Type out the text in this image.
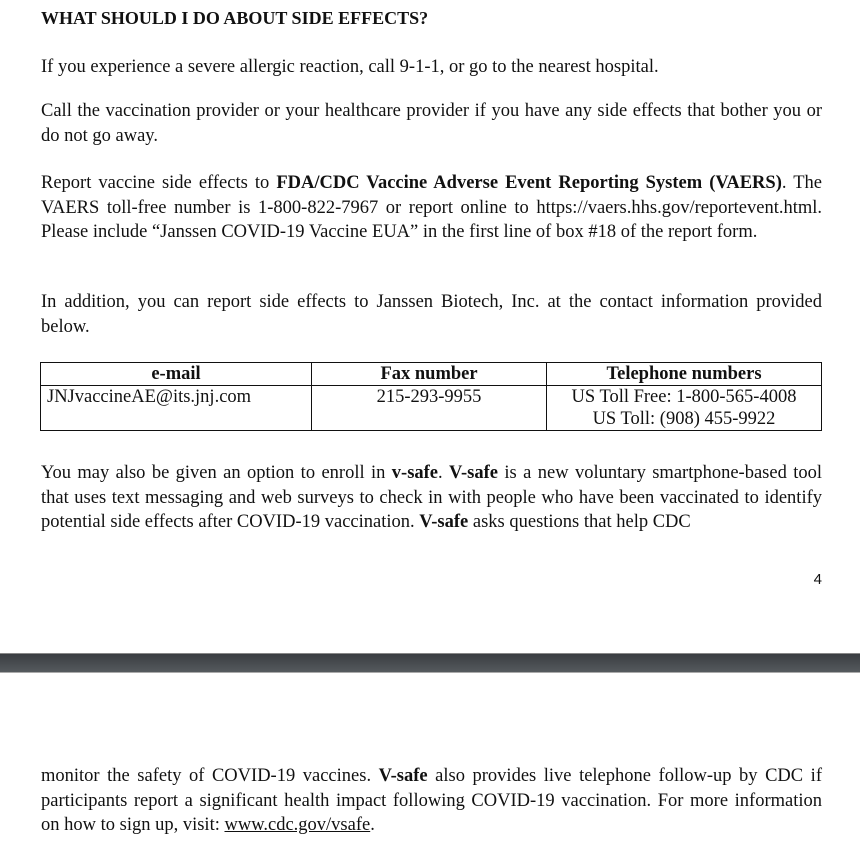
WHAT SHOULD I DO ABOUT SIDE EFFECTS?

If you experience a severe allergic reaction, call 9-1-1, or go to the nearest hospital.

Call the vaccination provider or your healthcare provider if you have any side effects that bother you or do not go away.

Report vaccine side effects to FDA/CDC Vaccine Adverse Event Reporting System (VAERS). The VAERS toll-free number is 1-800-822-7967 or report online to https://vaers.hhs.gov/reportevent.html. Please include “Janssen COVID-19 Vaccine EUA” in the first line of box #18 of the report form.

In addition, you can report side effects to Janssen Biotech, Inc. at the contact information provided below.

e-mail	Fax number	Telephone numbers
JNJvaccineAE@its.jnj.com	215-293-9955	US Toll Free: 1-800-565-4008
US Toll: (908) 455-9922

You may also be given an option to enroll in v-safe. V-safe is a new voluntary smartphone-based tool that uses text messaging and web surveys to check in with people who have been vaccinated to identify potential side effects after COVID-19 vaccination. V-safe asks questions that help CDC

4

monitor the safety of COVID-19 vaccines. V-safe also provides live telephone follow-up by CDC if participants report a significant health impact following COVID-19 vaccination. For more information on how to sign up, visit: www.cdc.gov/vsafe.
